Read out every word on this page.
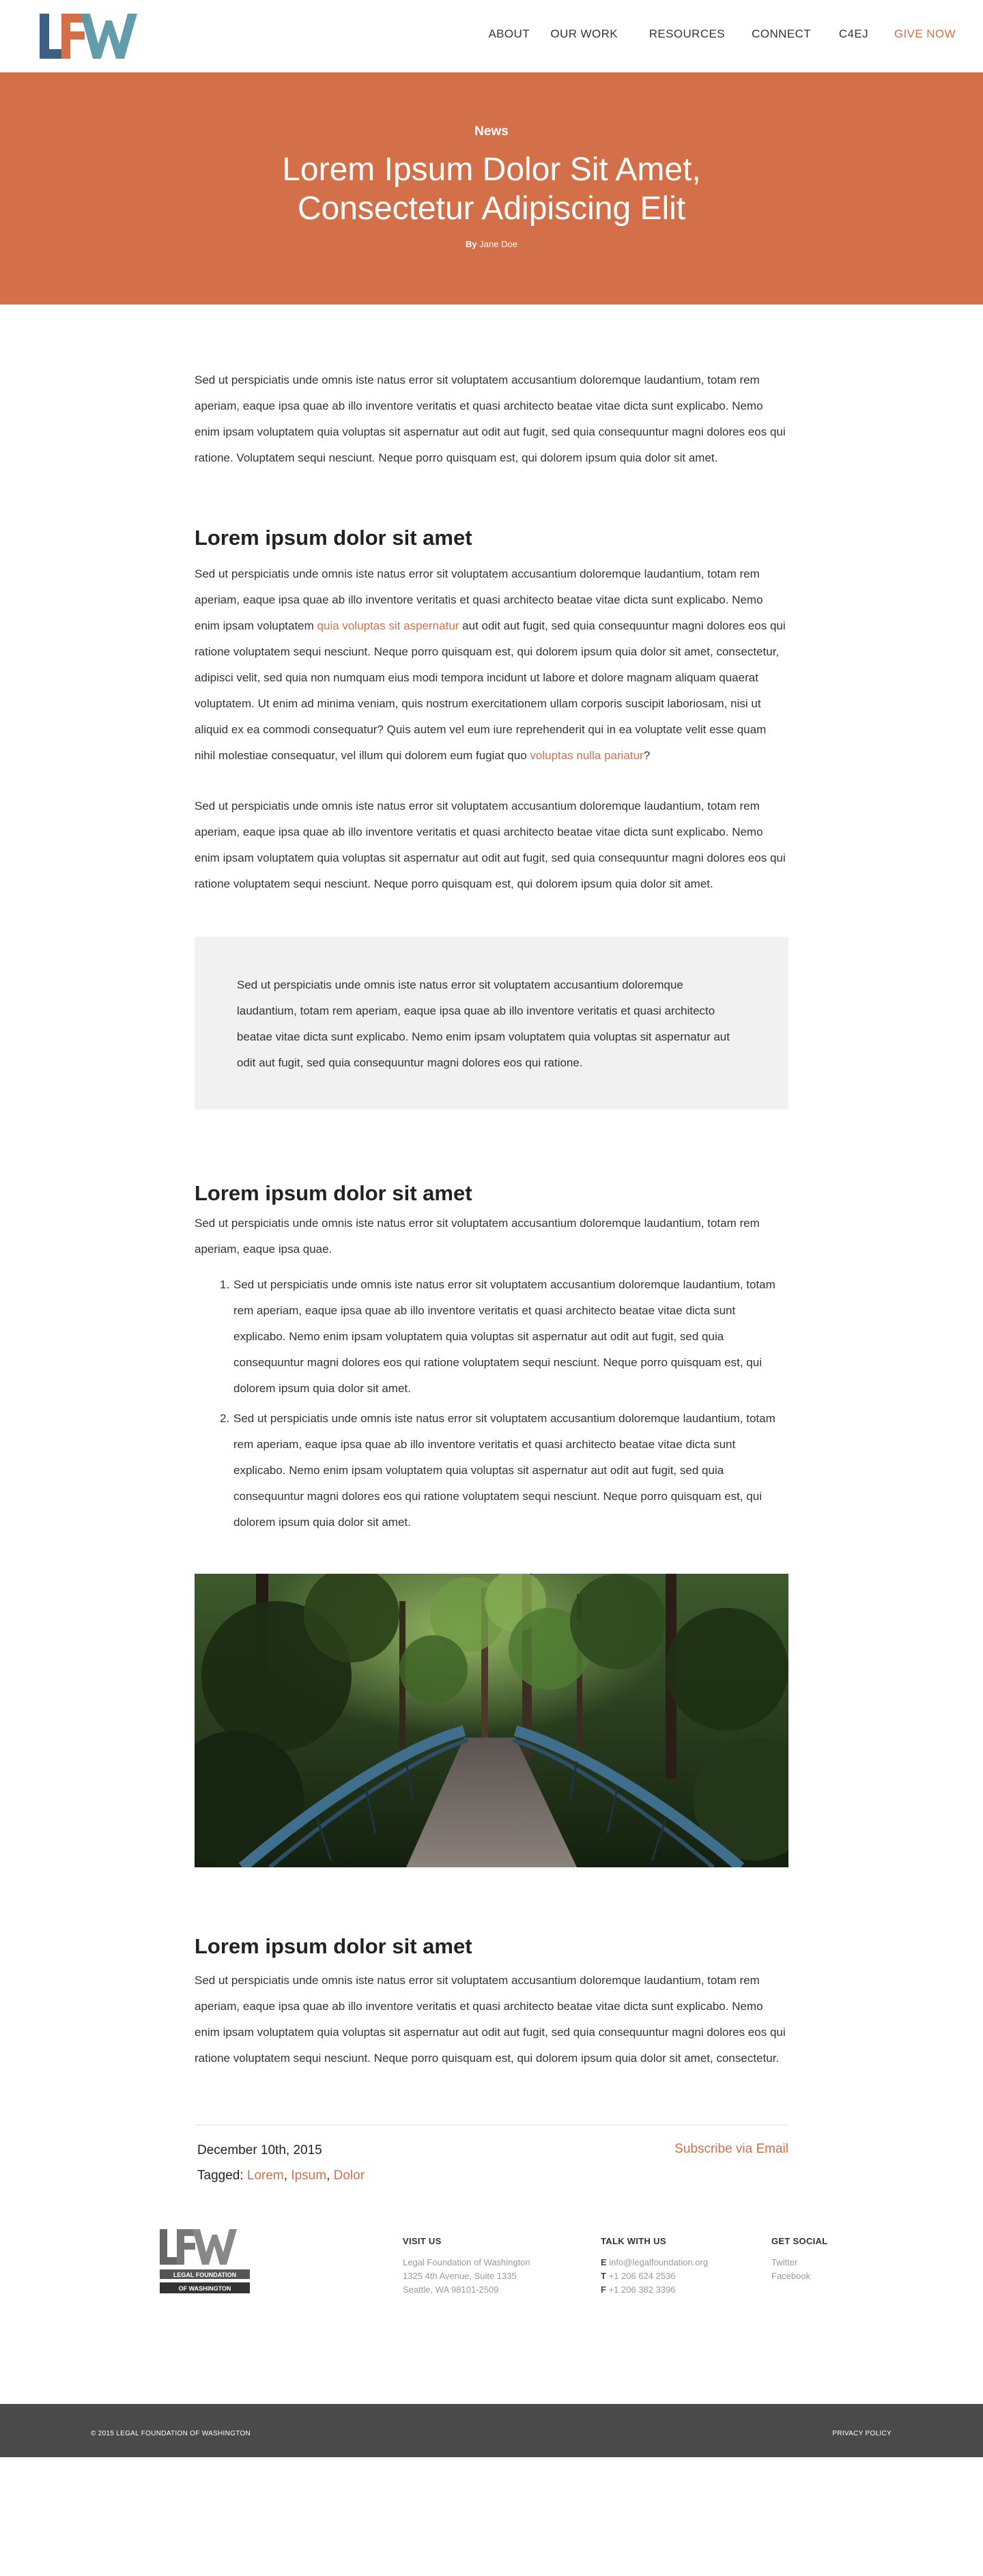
ABOUT OUR WORK	RESOURCES CONNECT C4EJ GIVE NOW
News
Lorem Ipsum Dolor Sit Amet,
Consectetur Adipiscing Elit
By Jane Doe

Sed ut perspiciatis unde omnis iste natus error sit voluptatem accusantium doloremque laudantium, totam rem aperiam, eaque ipsa quae ab illo inventore veritatis et quasi architecto beatae vitae dicta sunt explicabo. Nemo enim ipsam voluptatem quia voluptas sit aspernatur aut odit aut fugit, sed quia consequuntur magni dolores eos qui ratione. Voluptatem sequi nesciunt. Neque porro quisquam est, qui dolorem ipsum quia dolor sit amet.

Lorem ipsum dolor sit amet

Sed ut perspiciatis unde omnis iste natus error sit voluptatem accusantium doloremque laudantium, totam rem aperiam, eaque ipsa quae ab illo inventore veritatis et quasi architecto beatae vitae dicta sunt explicabo. Nemo enim ipsam voluptatem quia voluptas sit aspernatur aut odit aut fugit, sed quia consequuntur magni dolores eos qui ratione voluptatem sequi nesciunt. Neque porro quisquam est, qui dolorem ipsum quia dolor sit amet, consectetur, adipisci velit, sed quia non numquam eius modi tempora incidunt ut labore et dolore magnam aliquam quaerat voluptatem. Ut enim ad minima veniam, quis nostrum exercitationem ullam corporis suscipit laboriosam, nisi ut aliquid ex ea commodi consequatur? Quis autem vel eum iure reprehenderit qui in ea voluptate velit esse quam nihil molestiae consequatur, vel illum qui dolorem eum fugiat quo voluptas nulla pariatur?

Sed ut perspiciatis unde omnis iste natus error sit voluptatem accusantium doloremque laudantium, totam rem aperiam, eaque ipsa quae ab illo inventore veritatis et quasi architecto beatae vitae dicta sunt explicabo. Nemo enim ipsam voluptatem quia voluptas sit aspernatur aut odit aut fugit, sed quia consequuntur magni dolores eos qui ratione voluptatem sequi nesciunt. Neque porro quisquam est, qui dolorem ipsum quia dolor sit amet.

Sed ut perspiciatis unde omnis iste natus error sit voluptatem accusantium doloremque laudantium, totam rem aperiam, eaque ipsa quae ab illo inventore veritatis et quasi architecto beatae vitae dicta sunt explicabo. Nemo enim ipsam voluptatem quia voluptas sit aspernatur aut odit aut fugit, sed quia consequuntur magni dolores eos qui ratione.

Lorem ipsum dolor sit amet

Sed ut perspiciatis unde omnis iste natus error sit voluptatem accusantium doloremque laudantium, totam rem aperiam, eaque ipsa quae.

1. Sed ut perspiciatis unde omnis iste natus error sit voluptatem accusantium doloremque laudantium, totam rem aperiam, eaque ipsa quae ab illo inventore veritatis et quasi architecto beatae vitae dicta sunt explicabo. Nemo enim ipsam voluptatem quia voluptas sit aspernatur aut odit aut fugit, sed quia consequuntur magni dolores eos qui ratione voluptatem sequi nesciunt. Neque porro quisquam est, qui dolorem ipsum quia dolor sit amet.
2. Sed ut perspiciatis unde omnis iste natus error sit voluptatem accusantium doloremque laudantium, totam rem aperiam, eaque ipsa quae ab illo inventore veritatis et quasi architecto beatae vitae dicta sunt explicabo. Nemo enim ipsam voluptatem quia voluptas sit aspernatur aut odit aut fugit, sed quia consequuntur magni dolores eos qui ratione voluptatem sequi nesciunt. Neque porro quisquam est, qui dolorem ipsum quia dolor sit amet.
Lorem ipsum dolor sit amet

Sed ut perspiciatis unde omnis iste natus error sit voluptatem accusantium doloremque laudantium, totam rem aperiam, eaque ipsa quae ab illo inventore veritatis et quasi architecto beatae vitae dicta sunt explicabo. Nemo enim ipsam voluptatem quia voluptas sit aspernatur aut odit aut fugit, sed quia consequuntur magni dolores eos qui ratione voluptatem sequi nesciunt. Neque porro quisquam est, qui dolorem ipsum quia dolor sit amet, consectetur.

December 10th, 2015
Tagged: Lorem, Ipsum, Dolor
Subscribe via Email
LEGAL FOUNDATION
OF WASHINGTON
VISIT US
Legal Foundation of Washington
1325 4th Avenue, Suite 1335
Seattle, WA 98101-2509
TALK WITH US
E info@legalfoundation.org
T +1 206 624 2536
F +1 206 382 3396
GET SOCIAL
Twitter
Facebook
© 2015 LEGAL FOUNDATION OF WASHINGTON	PRIVACY POLICY
